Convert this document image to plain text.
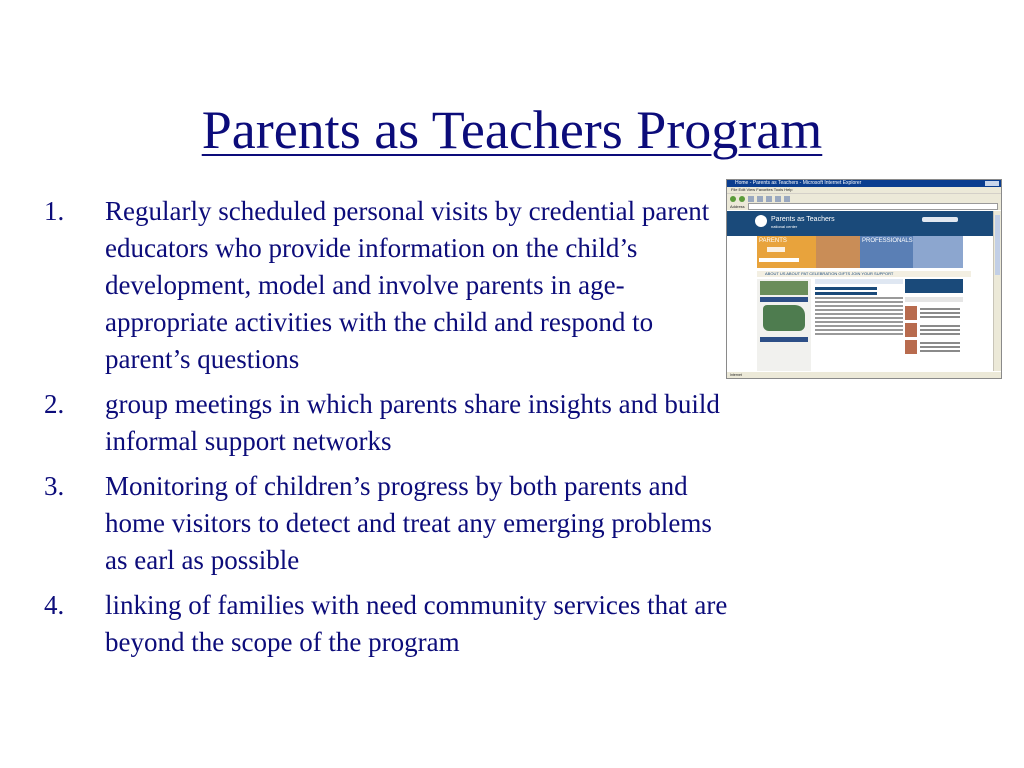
Parents as Teachers Program
1. Regularly scheduled personal visits by credential parent educators who provide information on the child’s development, model and involve parents in age-appropriate activities with the child and respond to parent’s questions
2. group meetings in which parents share insights and build informal support networks
3. Monitoring of children’s progress by both parents and home visitors to detect and treat any emerging problems as earl as possible
4. linking of families with need community services that are beyond the scope of the program
Home - Parents as Teachers - Microsoft Internet Explorer
File Edit View Favorites Tools Help
Address
Parents as Teachers
national center
PARENTS	PROFESSIONALS
ABOUT US ABOUT PAT CELEBRATION GIFTS JOIN YOUR SUPPORT
Internet
